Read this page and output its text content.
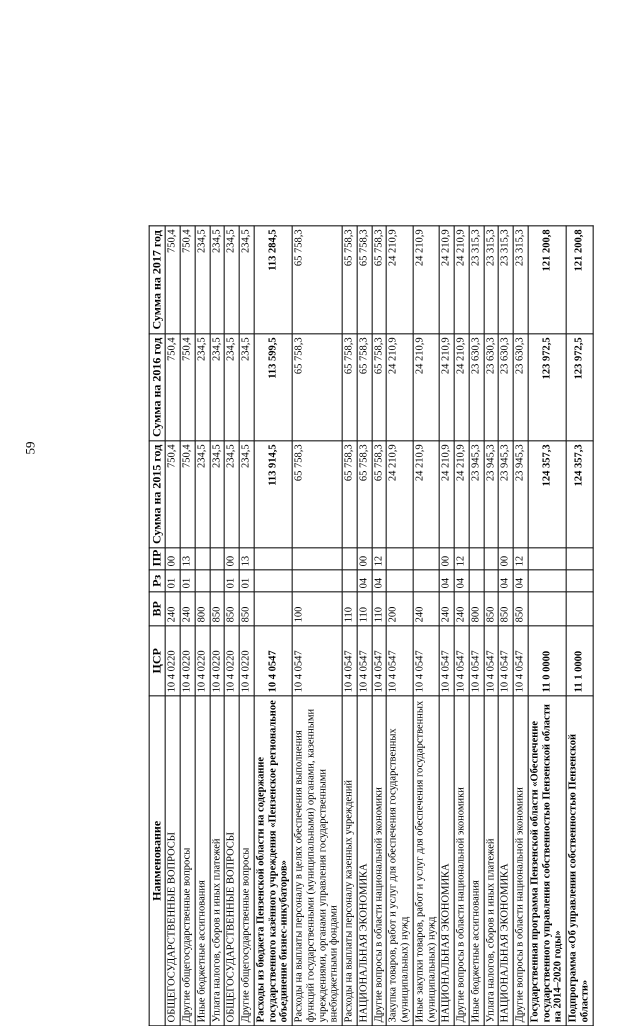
59
Наименование	ЦСР	ВР	Рз	ПР	Сумма на 2015 год	Сумма на 2016 год	Сумма на 2017 год
ОБЩЕГОСУДАРСТВЕННЫЕ ВОПРОСЫ	10 4 0220	240	01	00	750,4	750,4	750,4
Другие общегосударственные вопросы	10 4 0220	240	01	13	750,4	750,4	750,4
Иные бюджетные ассигнования	10 4 0220	800			234,5	234,5	234,5
Уплата налогов, сборов и иных платежей	10 4 0220	850			234,5	234,5	234,5
ОБЩЕГОСУДАРСТВЕННЫЕ ВОПРОСЫ	10 4 0220	850	01	00	234,5	234,5	234,5
Другие общегосударственные вопросы	10 4 0220	850	01	13	234,5	234,5	234,5
Расходы из бюджета Пензенской области на содержание государственного казённого учреждения «Пензенское региональное объединение бизнес-инкубаторов»	10 4 0547				113 914,5	113 599,5	113 284,5
Расходы на выплаты персоналу в целях обеспечения выполнения функций государственными (муниципальными) органами, казенными учреждениями, органами управления государственными внебюджетными фондами	10 4 0547	100			65 758,3	65 758,3	65 758,3
Расходы на выплаты персоналу казенных учреждений	10 4 0547	110			65 758,3	65 758,3	65 758,3
НАЦИОНАЛЬНАЯ ЭКОНОМИКА	10 4 0547	110	04	00	65 758,3	65 758,3	65 758,3
Другие вопросы в области национальной экономики	10 4 0547	110	04	12	65 758,3	65 758,3	65 758,3
Закупка товаров, работ и услуг для обеспечения государственных (муниципальных) нужд	10 4 0547	200			24 210,9	24 210,9	24 210,9
Иные закупки товаров, работ и услуг для обеспечения государственных (муниципальных) нужд	10 4 0547	240			24 210,9	24 210,9	24 210,9
НАЦИОНАЛЬНАЯ ЭКОНОМИКА	10 4 0547	240	04	00	24 210,9	24 210,9	24 210,9
Другие вопросы в области национальной экономики	10 4 0547	240	04	12	24 210,9	24 210,9	24 210,9
Иные бюджетные ассигнования	10 4 0547	800			23 945,3	23 630,3	23 315,3
Уплата налогов, сборов и иных платежей	10 4 0547	850			23 945,3	23 630,3	23 315,3
НАЦИОНАЛЬНАЯ ЭКОНОМИКА	10 4 0547	850	04	00	23 945,3	23 630,3	23 315,3
Другие вопросы в области национальной экономики	10 4 0547	850	04	12	23 945,3	23 630,3	23 315,3
Государственная программа Пензенской области «Обеспечение государственного управления собственностью Пензенской области на 2014–2020 годы»	11 0 0000				124 357,3	123 972,5	121 200,8
Подпрограмма «Об управлении собственностью Пензенской области»	11 1 0000				124 357,3	123 972,5	121 200,8
